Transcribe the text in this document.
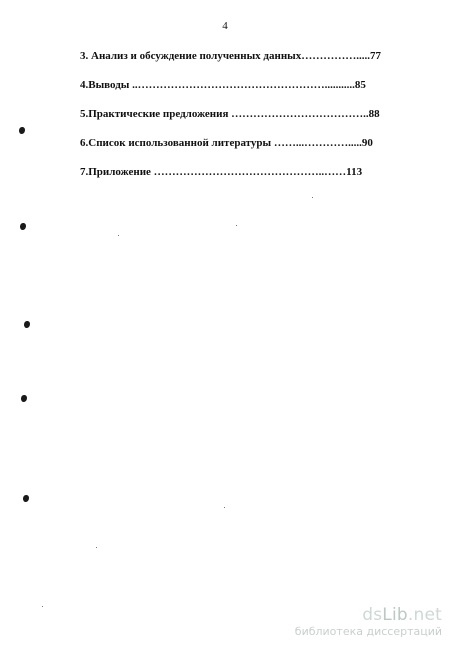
4
3. Анализ и обсуждение полученных данных…………….....77
4.Выводы ..……………………………………………...........85
5.Практические предложения ………………………………..88
6.Список использованной литературы ……...………….....90
7.Приложение ………………………………………..……113
dsLib.net
библиотека диссертаций
